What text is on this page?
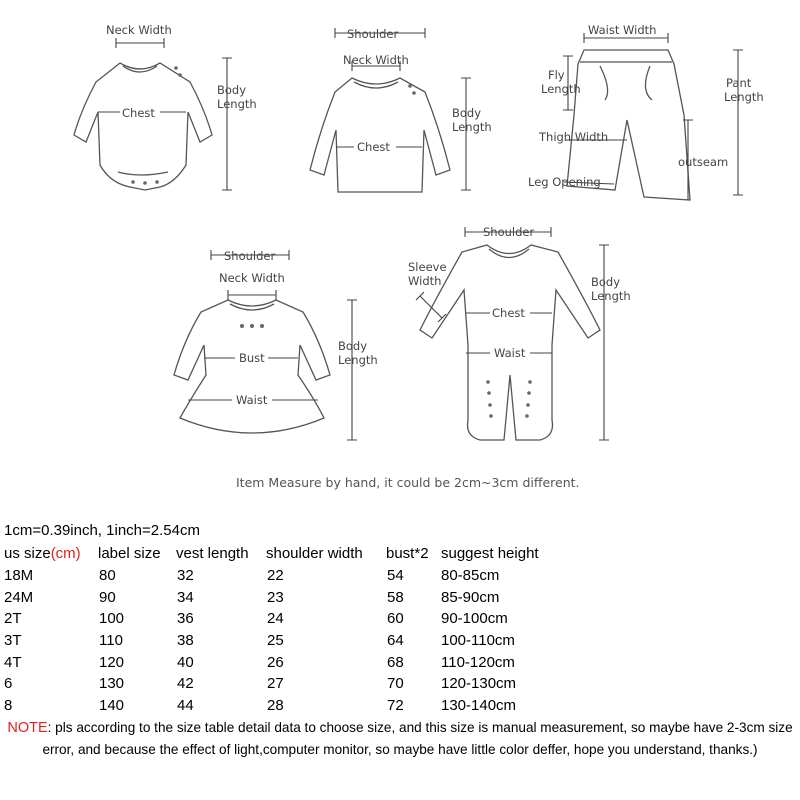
Neck Width
Body
Length
Chest
Shoulder
Neck Width
Body
Length
Chest
Waist Width
Fly
Length	Pant
Length
Thigh Width
outseam
Leg Opening
Shoulder
Neck Width
Bust
Waist
Body
Length
Shoulder
Sleeve
Width
Chest
Waist
Body
Length
Item Measure by hand, it could be 2cm~3cm different.
1cm=0.39inch, 1inch=2.54cm
us size(cm)	label size	vest length	shoulder width	bust*2	suggest height
18M	80	32	22	54	80-85cm
24M	90	34	23	58	85-90cm
2T	100	36	24	60	90-100cm
3T	110	38	25	64	100-110cm
4T	120	40	26	68	110-120cm
6	130	42	27	70	120-130cm
8	140	44	28	72	130-140cm
NOTE: pls according to the size table detail data to choose size, and this size is manual measurement, so maybe have 2-3cm size error, and because the effect of light,computer monitor, so maybe have little color deffer, hope you understand, thanks.)
